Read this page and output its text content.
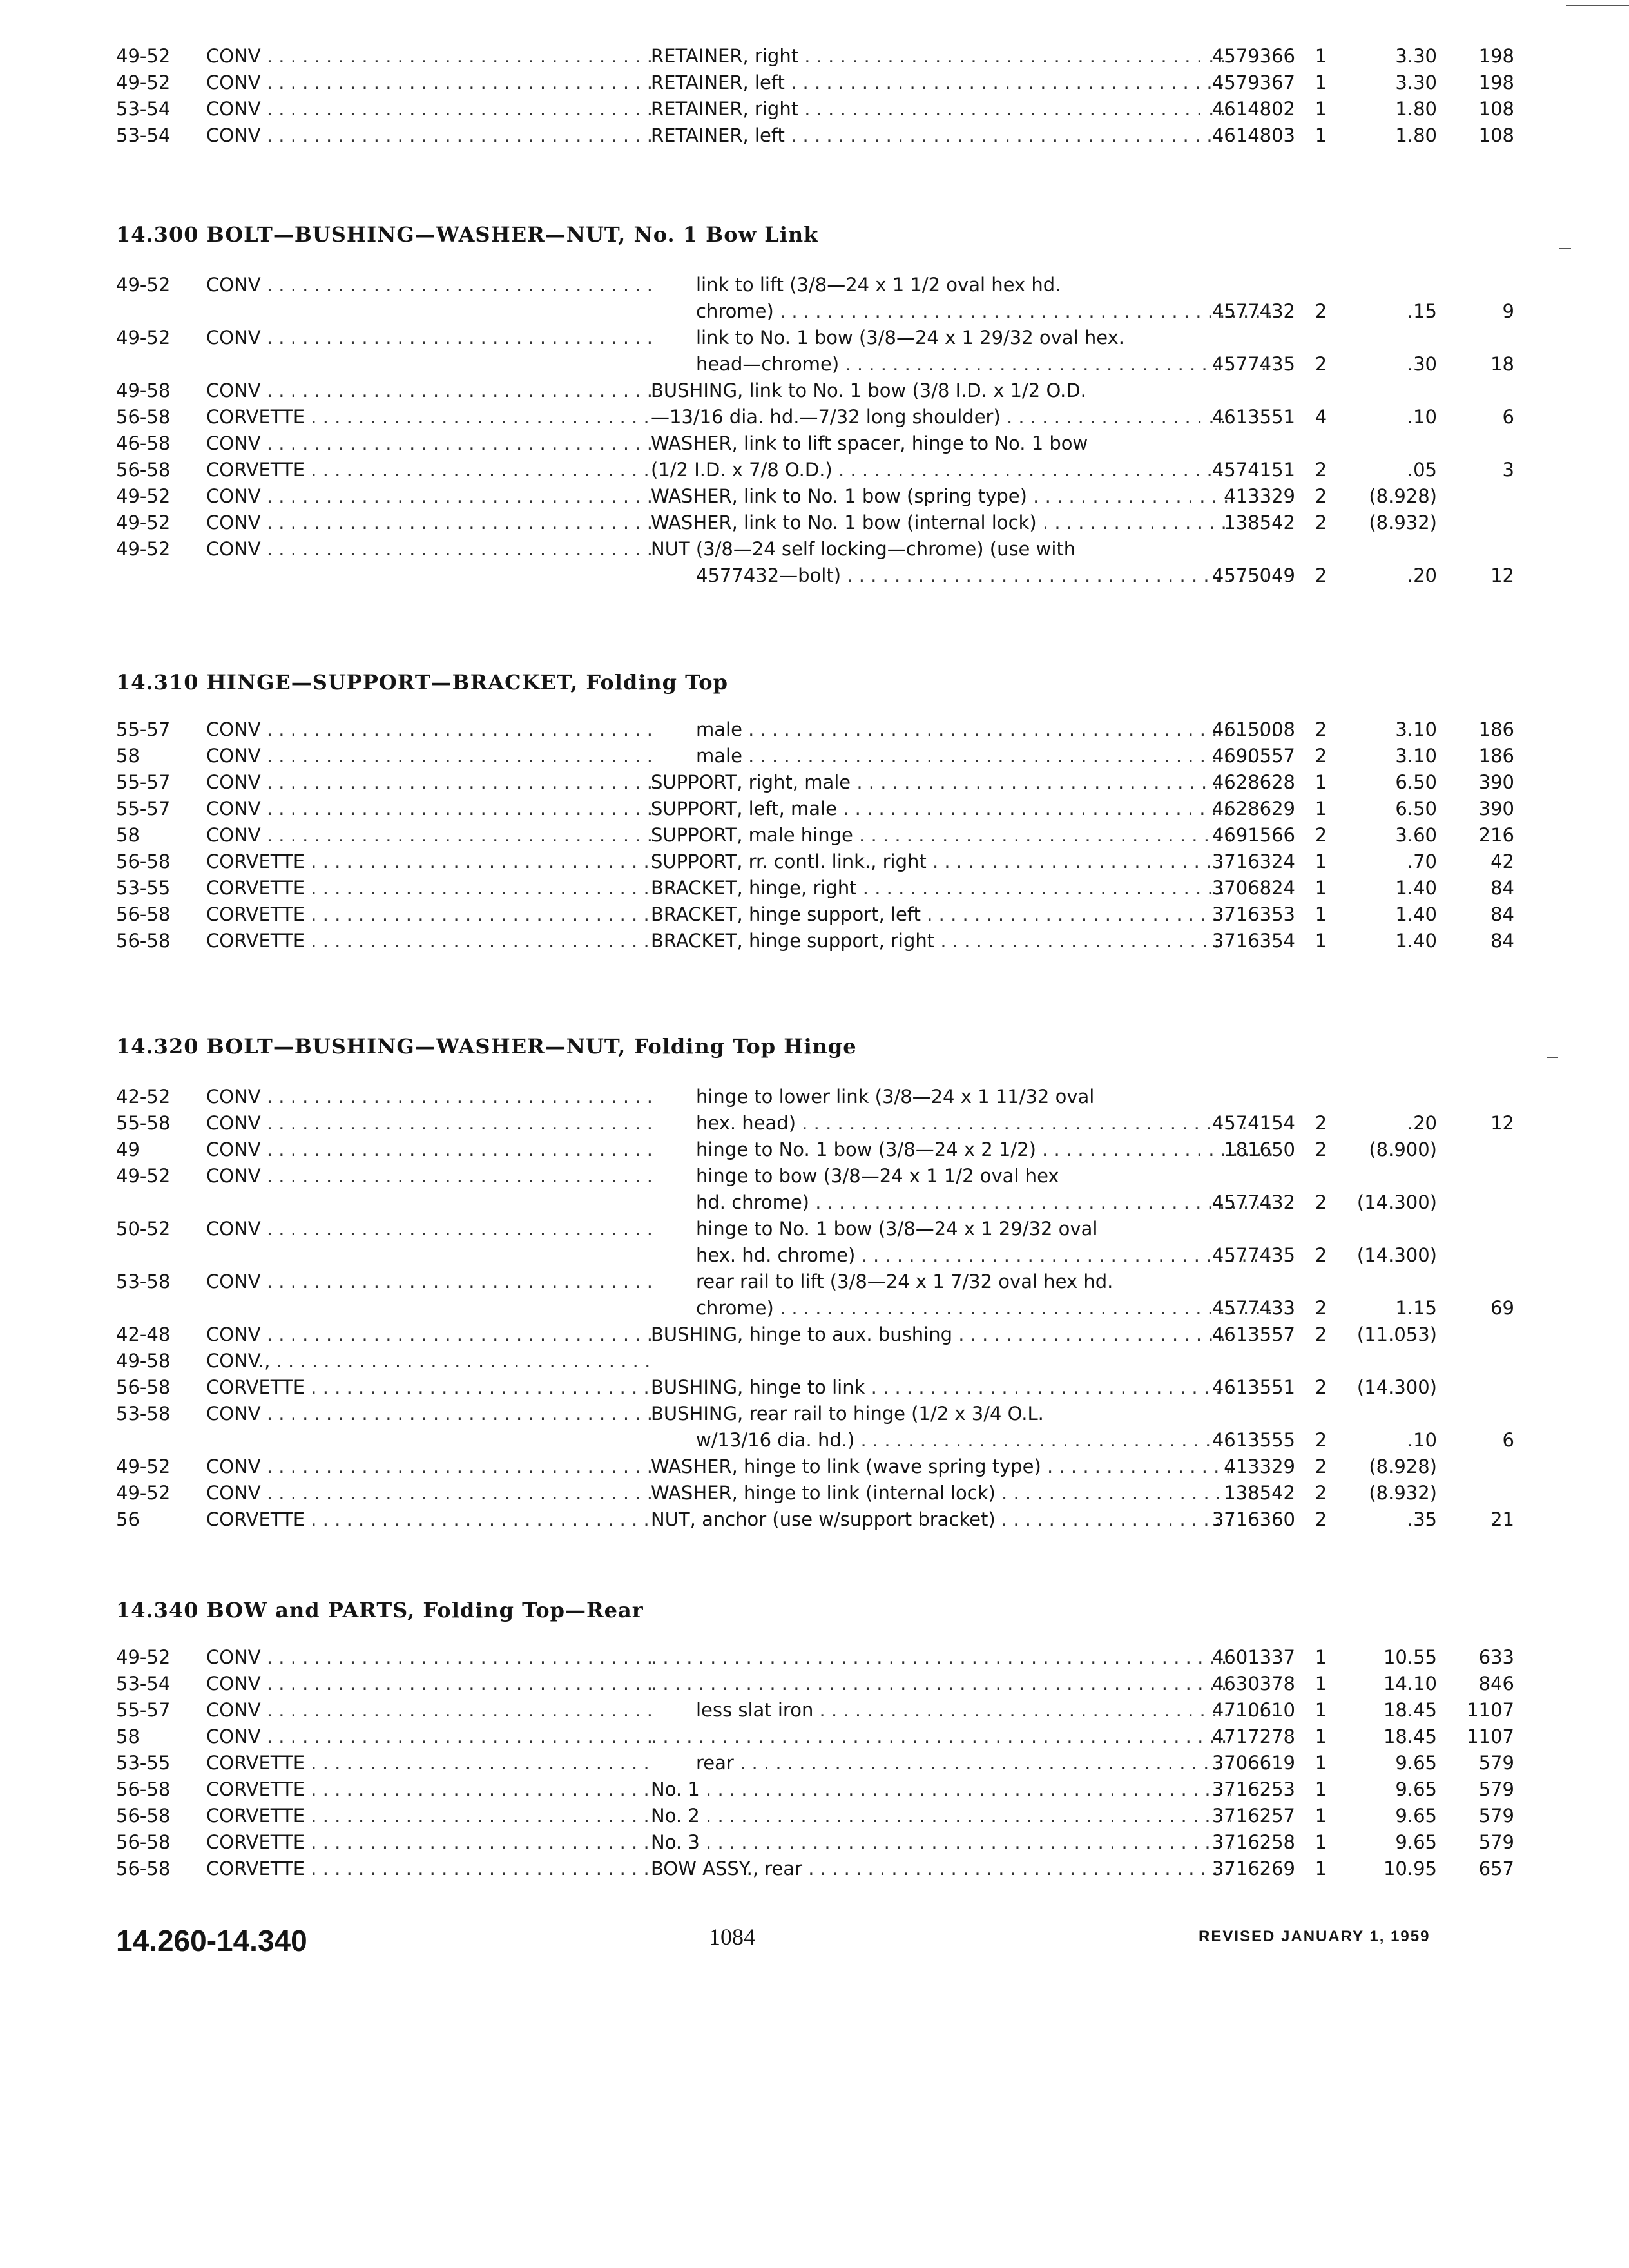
49-52	CONV . . .	RETAINER, right . . .	4579366	1	3.30	198
49-52	CONV . . .	RETAINER, left . . .	4579367	1	3.30	198
53-54	CONV . . .	RETAINER, right . . .	4614802	1	1.80	108
53-54	CONV . . .	RETAINER, left . . .	4614803	1	1.80	108
14.300 BOLT—BUSHING—WASHER—NUT, No. 1 Bow Link
49-52	CONV . . .	link to lift (3/8—24 x 1 1/2 oval hex hd.
chrome) . . .	4577432	2	.15	9
49-52	CONV . . .	link to No. 1 bow (3/8—24 x 1 29/32 oval hex.
head—chrome) . . .	4577435	2	.30	18
49-58	CONV . . .	BUSHING, link to No. 1 bow (3/8 I.D. x 1/2 O.D.
56-58	CORVETTE . . .	—13/16 dia. hd.—7/32 long shoulder) . . .	4613551	4	.10	6
46-58	CONV . . .	WASHER, link to lift spacer, hinge to No. 1 bow
56-58	CORVETTE . . .	(1/2 I.D. x 7/8 O.D.) . . .	4574151	2	.05	3
49-52	CONV . . .	WASHER, link to No. 1 bow (spring type) . . .	413329	2	(8.928)
49-52	CONV . . .	WASHER, link to No. 1 bow (internal lock) . . .	138542	2	(8.932)
49-52	CONV . . .	NUT (3/8—24 self locking—chrome) (use with
4577432—bolt) . . .	4575049	2	.20	12
14.310 HINGE—SUPPORT—BRACKET, Folding Top
55-57	CONV . . .	male . . .	4615008	2	3.10	186
58	CONV . . .	male . . .	4690557	2	3.10	186
55-57	CONV . . .	SUPPORT, right, male . . .	4628628	1	6.50	390
55-57	CONV . . .	SUPPORT, left, male . . .	4628629	1	6.50	390
58	CONV . . .	SUPPORT, male hinge . . .	4691566	2	3.60	216
56-58	CORVETTE . . .	SUPPORT, rr. contl. link., right . . .	3716324	1	.70	42
53-55	CORVETTE . . .	BRACKET, hinge, right . . .	3706824	1	1.40	84
56-58	CORVETTE . . .	BRACKET, hinge support, left . . .	3716353	1	1.40	84
56-58	CORVETTE . . .	BRACKET, hinge support, right . . .	3716354	1	1.40	84
14.320 BOLT—BUSHING—WASHER—NUT, Folding Top Hinge
42-52	CONV . . .	hinge to lower link (3/8—24 x 1 11/32 oval
55-58	CONV . . .	hex. head) . . .	4574154	2	.20	12
49	CONV . . .	hinge to No. 1 bow (3/8—24 x 2 1/2) . . .	181650	2	(8.900)
49-52	CONV . . .	hinge to bow (3/8—24 x 1 1/2 oval hex
hd. chrome) . . .	4577432	2	(14.300)
50-52	CONV . . .	hinge to No. 1 bow (3/8—24 x 1 29/32 oval
hex. hd. chrome) . . .	4577435	2	(14.300)
53-58	CONV . . .	rear rail to lift (3/8—24 x 1 7/32 oval hex hd.
chrome) . . .	4577433	2	1.15	69
42-48	CONV . . .	BUSHING, hinge to aux. bushing . . .	4613557	2	(11.053)
49-58	CONV., . . .
56-58	CORVETTE . . .	BUSHING, hinge to link . . .	4613551	2	(14.300)
53-58	CONV . . .	BUSHING, rear rail to hinge (1/2 x 3/4 O.L.
w/13/16 dia. hd.) . . .	4613555	2	.10	6
49-52	CONV . . .	WASHER, hinge to link (wave spring type) . . .	413329	2	(8.928)
49-52	CONV . . .	WASHER, hinge to link (internal lock) . . .	138542	2	(8.932)
56	CORVETTE . . .	NUT, anchor (use w/support bracket) . . .	3716360	2	.35	21
14.340 BOW and PARTS, Folding Top—Rear
49-52	CONV . . . . . .	4601337	1	10.55	633
53-54	CONV . . . . . .	4630378	1	14.10	846
55-57	CONV . . .	less slat iron . . .	4710610	1	18.45	1107
58	CONV . . . . . .	4717278	1	18.45	1107
53-55	CORVETTE . . .	rear . . .	3706619	1	9.65	579
56-58	CORVETTE . . .	No. 1 . . .	3716253	1	9.65	579
56-58	CORVETTE . . .	No. 2 . . .	3716257	1	9.65	579
56-58	CORVETTE . . .	No. 3 . . .	3716258	1	9.65	579
56-58	CORVETTE . . .	BOW ASSY., rear . . .	3716269	1	10.95	657
14.260-14.340	1084	REVISED JANUARY 1, 1959
